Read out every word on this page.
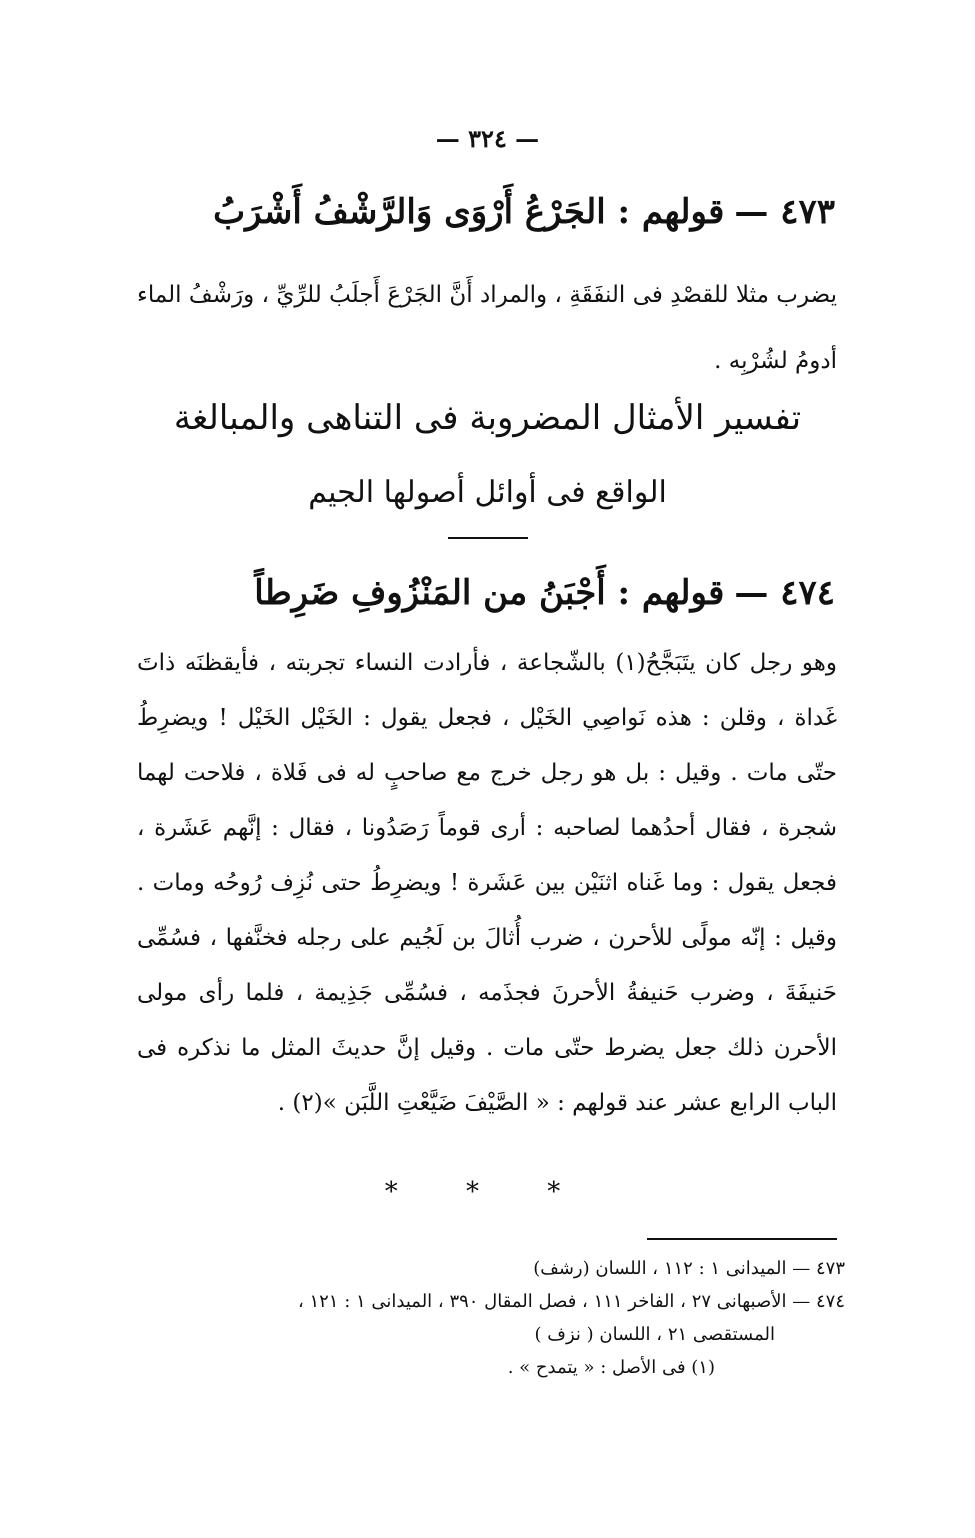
— ٣٢٤ —
٤٧٣ —قولهم : الجَرْعُ أَرْوَى وَالرَّشْفُ أَشْرَبُ
يضرب مثلا للقصْدِ فى النفَقَةِ ، والمراد أَنَّ الجَرْعَ أَجلَبُ للرِّيِّ ، ورَشْفُ الماء أدومُ لشُرْبِه .
تفسير الأمثال المضروبة فى التناهى والمبالغة
الواقع فى أوائل أصولها الجيم
٤٧٤ —قولهم : أَجْبَنُ من المَنْزُوفِ ضَرِطاً
وهو رجل كان يتَبَجَّحُ(١) بالشّجاعة ، فأرادت النساء تجربته ، فأيقظنَه ذاتَ غَداة ، وقلن : هذه نَواصِي الخَيْل ، فجعل يقول : الخَيْل الخَيْل ! ويضرِطُ حتّى مات . وقيل : بل هو رجل خرج مع صاحبٍ له فى فَلاة ، فلاحت لهما شجرة ، فقال أحدُهما لصاحبه : أرى قوماً رَصَدُونا ، فقال : إنَّهم عَشَرة ، فجعل يقول : وما غَناه اثنَيْن بين عَشَرة ! ويضرِطُ حتى نُزِف رُوحُه ومات . وقيل : إنّه مولًى للأحرن ، ضرب أُثالَ بن لَجُيم على رجله فخنَّفها ، فسُمِّى حَنيفَةَ ، وضرب حَنيفةُ الأحرنَ فجذَمه ، فسُمِّى جَذِيمة ، فلما رأى مولى الأحرن ذلك جعل يضرط حتّى مات . وقيل إنَّ حديثَ المثل ما نذكره فى الباب الرابع عشر عند قولهم : « الصَّيْفَ ضَيَّعْتِ اللَّبَن »(٢) .
* * *
٤٧٣ — الميدانى ١ : ١١٢ ، اللسان (رشف)
٤٧٤ — الأصبهانى ٢٧ ، الفاخر ١١١ ، فصل المقال ٣٩٠ ، الميدانى ١ : ١٢١ ،
المستقصى ٢١ ، اللسان ( نزف )
(١) فى الأصل : « يتمدح » .
